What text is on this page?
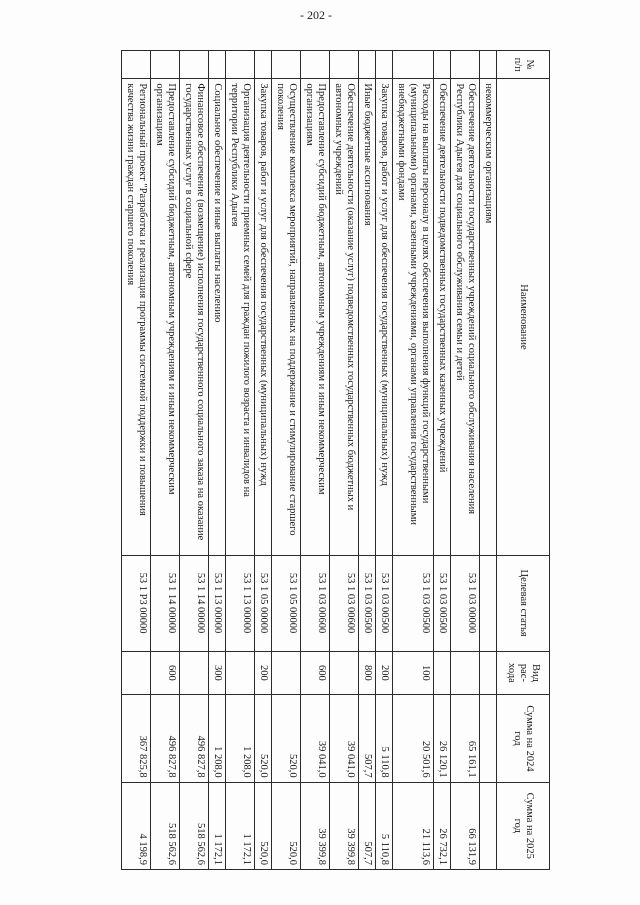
- 202 -
№ п/п	Наименование	Целевая статья	Вид рас- хода	Сумма на 2024 год	Сумма на 2025 год
	некоммерческим организациям				
	Обеспечение деятельности государственных учреждений социального обслуживания населения Республики Адыгея для социального обслуживания семьи и детей	53 1 03 00000		65 161,1	66 131,9
	Обеспечение деятельности подведомственных государственных казенных учреждений	53 1 03 00500		26 120,1	26 732,1
	Расходы на выплаты персоналу в целях обеспечения выполнения функций государственными (муниципальными) органами, казенными учреждениями, органами управления государственными внебюджетными фондами	53 1 03 00500	100	20 501,6	21 113,6
	Закупка товаров, работ и услуг для обеспечения государственных (муниципальных) нужд	53 1 03 00500	200	5 110,8	5 110,8
	Иные бюджетные ассигнования	53 1 03 00500	800	507,7	507,7
	Обеспечение деятельности (оказание услуг) подведомственных государственных бюджетных и автономных учреждений	53 1 03 00600		39 041,0	39 399,8
	Предоставление субсидий бюджетным, автономным учреждениям и иным некоммерческим организациям	53 1 03 00600	600	39 041,0	39 399,8
	Осуществление комплекса мероприятий, направленных на поддержание и стимулирование старшего поколения	53 1 05 00000		520,0	520,0
	Закупка товаров, работ и услуг для обеспечения государственных (муниципальных) нужд	53 1 05 00000	200	520,0	520,0
	Организация деятельности приемных семей для граждан пожилого возраста и инвалидов на территории Республики Адыгея	53 1 13 00000		1 208,0	1 172,1
	Социальное обеспечение и иные выплаты населению	53 1 13 00000	300	1 208,0	1 172,1
	Финансовое обеспечение (возмещение) исполнения государственного социального заказа на оказание государственных услуг в социальной сфере	53 1 14 00000		496 827,8	518 562,6
	Предоставление субсидий бюджетным, автономным учреждениям и иным некоммерческим организациям	53 1 14 00000	600	496 827,8	518 562,6
	Региональный проект "Разработка и реализация программы системной поддержки и повышения качества жизни граждан старшего поколения	53 1 P3 00000		367 825,8	4 198,9
